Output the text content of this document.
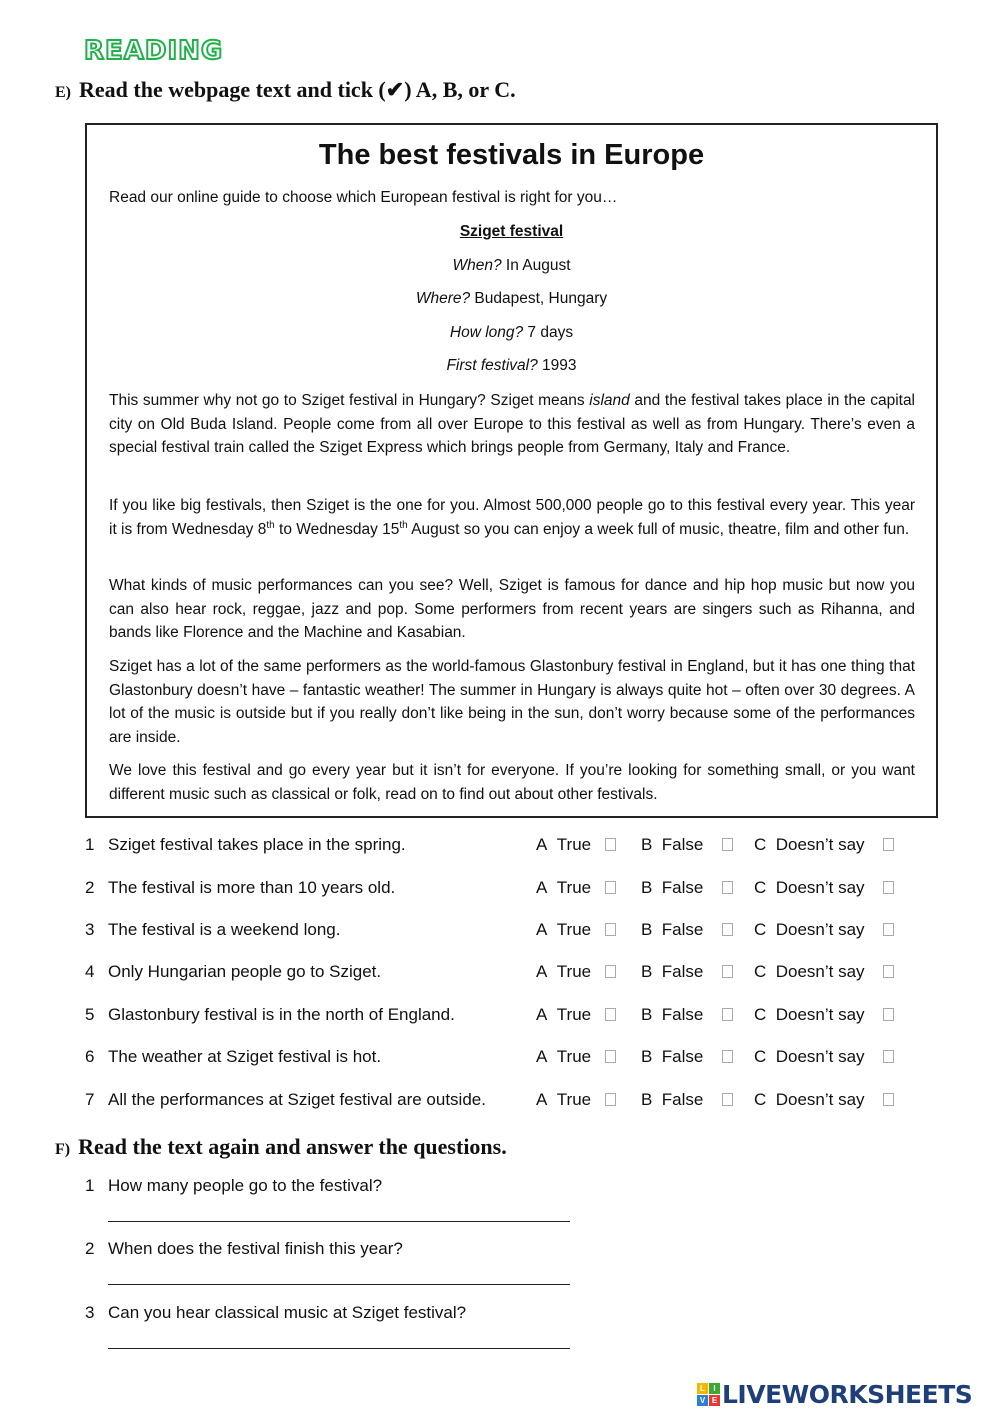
READING
E) Read the webpage text and tick (✔) A, B, or C.
The best festivals in Europe
Read our online guide to choose which European festival is right for you…
Sziget festival
When? In August
Where? Budapest, Hungary
How long? 7 days
First festival? 1993
This summer why not go to Sziget festival in Hungary? Sziget means island and the festival takes place in the capital city on Old Buda Island. People come from all over Europe to this festival as well as from Hungary. There’s even a special festival train called the Sziget Express which brings people from Germany, Italy and France.
If you like big festivals, then Sziget is the one for you. Almost 500,000 people go to this festival every year. This year it is from Wednesday 8th to Wednesday 15th August so you can enjoy a week full of music, theatre, film and other fun.
What kinds of music performances can you see? Well, Sziget is famous for dance and hip hop music but now you can also hear rock, reggae, jazz and pop. Some performers from recent years are singers such as Rihanna, and bands like Florence and the Machine and Kasabian.
Sziget has a lot of the same performers as the world-famous Glastonbury festival in England, but it has one thing that Glastonbury doesn’t have – fantastic weather! The summer in Hungary is always quite hot – often over 30 degrees. A lot of the music is outside but if you really don’t like being in the sun, don’t worry because some of the performances are inside.
We love this festival and go every year but it isn’t for everyone. If you’re looking for something small, or you want different music such as classical or folk, read on to find out about other festivals.
1 Sziget festival takes place in the spring.	A True	B False	C Doesn’t say
2 The festival is more than 10 years old.	A True	B False	C Doesn’t say
3 The festival is a weekend long.	A True	B False	C Doesn’t say
4 Only Hungarian people go to Sziget.	A True	B False	C Doesn’t say
5 Glastonbury festival is in the north of England.	A True	B False	C Doesn’t say
6 The weather at Sziget festival is hot.	A True	B False	C Doesn’t say
7 All the performances at Sziget festival are outside.	A True	B False	C Doesn’t say
F) Read the text again and answer the questions.
1 How many people go to the festival?
2 When does the festival finish this year?
3 Can you hear classical music at Sziget festival?
L	I
V E LIVEWORKSHEETS
